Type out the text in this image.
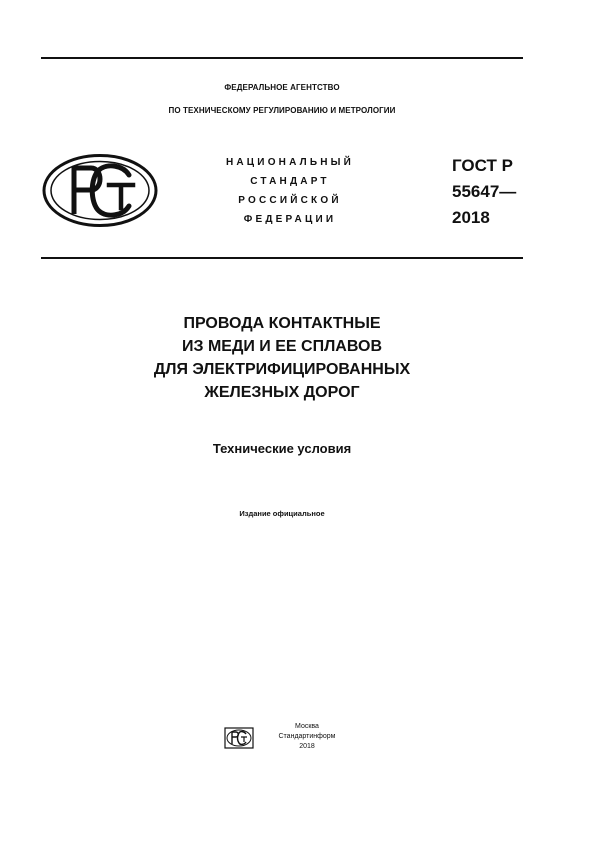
ФЕДЕРАЛЬНОЕ АГЕНТСТВО
ПО ТЕХНИЧЕСКОМУ РЕГУЛИРОВАНИЮ И МЕТРОЛОГИИ
НАЦИОНАЛЬНЫЙ
СТАНДАРТ
РОССИЙСКОЙ
ФЕДЕРАЦИИ
ГОСТ Р
55647—
2018
ПРОВОДА КОНТАКТНЫЕ
ИЗ МЕДИ И ЕЕ СПЛАВОВ
ДЛЯ ЭЛЕКТРИФИЦИРОВАННЫХ
ЖЕЛЕЗНЫХ ДОРОГ
Технические условия
Издание официальное
Москва
Стандартинформ
2018
